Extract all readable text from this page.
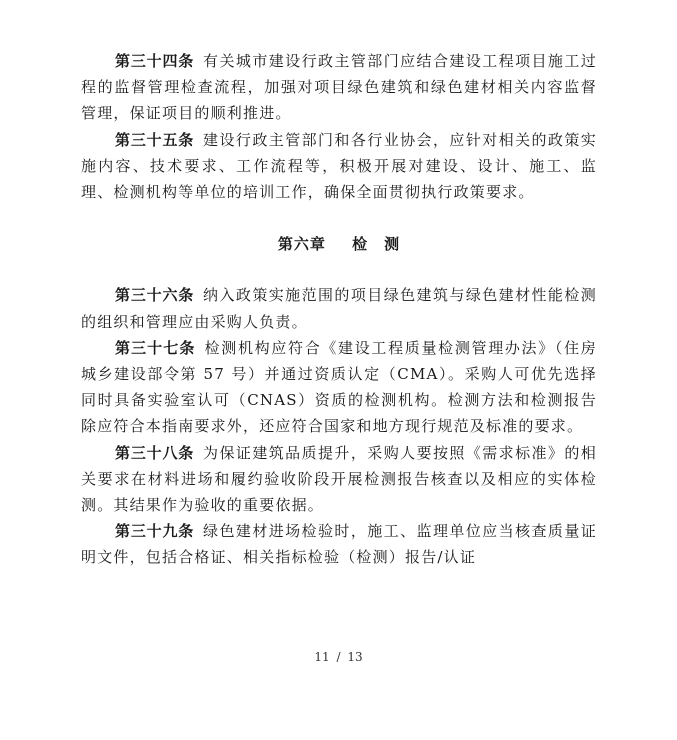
第三十四条  有关城市建设行政主管部门应结合建设工程项目施工过程的监督管理检查流程，加强对项目绿色建筑和绿色建材相关内容监督管理，保证项目的顺利推进。

第三十五条  建设行政主管部门和各行业协会，应针对相关的政策实施内容、技术要求、工作流程等，积极开展对建设、设计、施工、监理、检测机构等单位的培训工作，确保全面贯彻执行政策要求。

第六章 检　测

第三十六条  纳入政策实施范围的项目绿色建筑与绿色建材性能检测的组织和管理应由采购人负责。

第三十七条  检测机构应符合《建设工程质量检测管理办法》（住房城乡建设部令第 57 号）并通过资质认定（CMA）。采购人可优先选择同时具备实验室认可（CNAS）资质的检测机构。检测方法和检测报告除应符合本指南要求外，还应符合国家和地方现行规范及标准的要求。

第三十八条  为保证建筑品质提升，采购人要按照《需求标准》的相关要求在材料进场和履约验收阶段开展检测报告核查以及相应的实体检测。其结果作为验收的重要依据。

第三十九条  绿色建材进场检验时，施工、监理单位应当核查质量证明文件，包括合格证、相关指标检验（检测）报告/认证

11 / 13
